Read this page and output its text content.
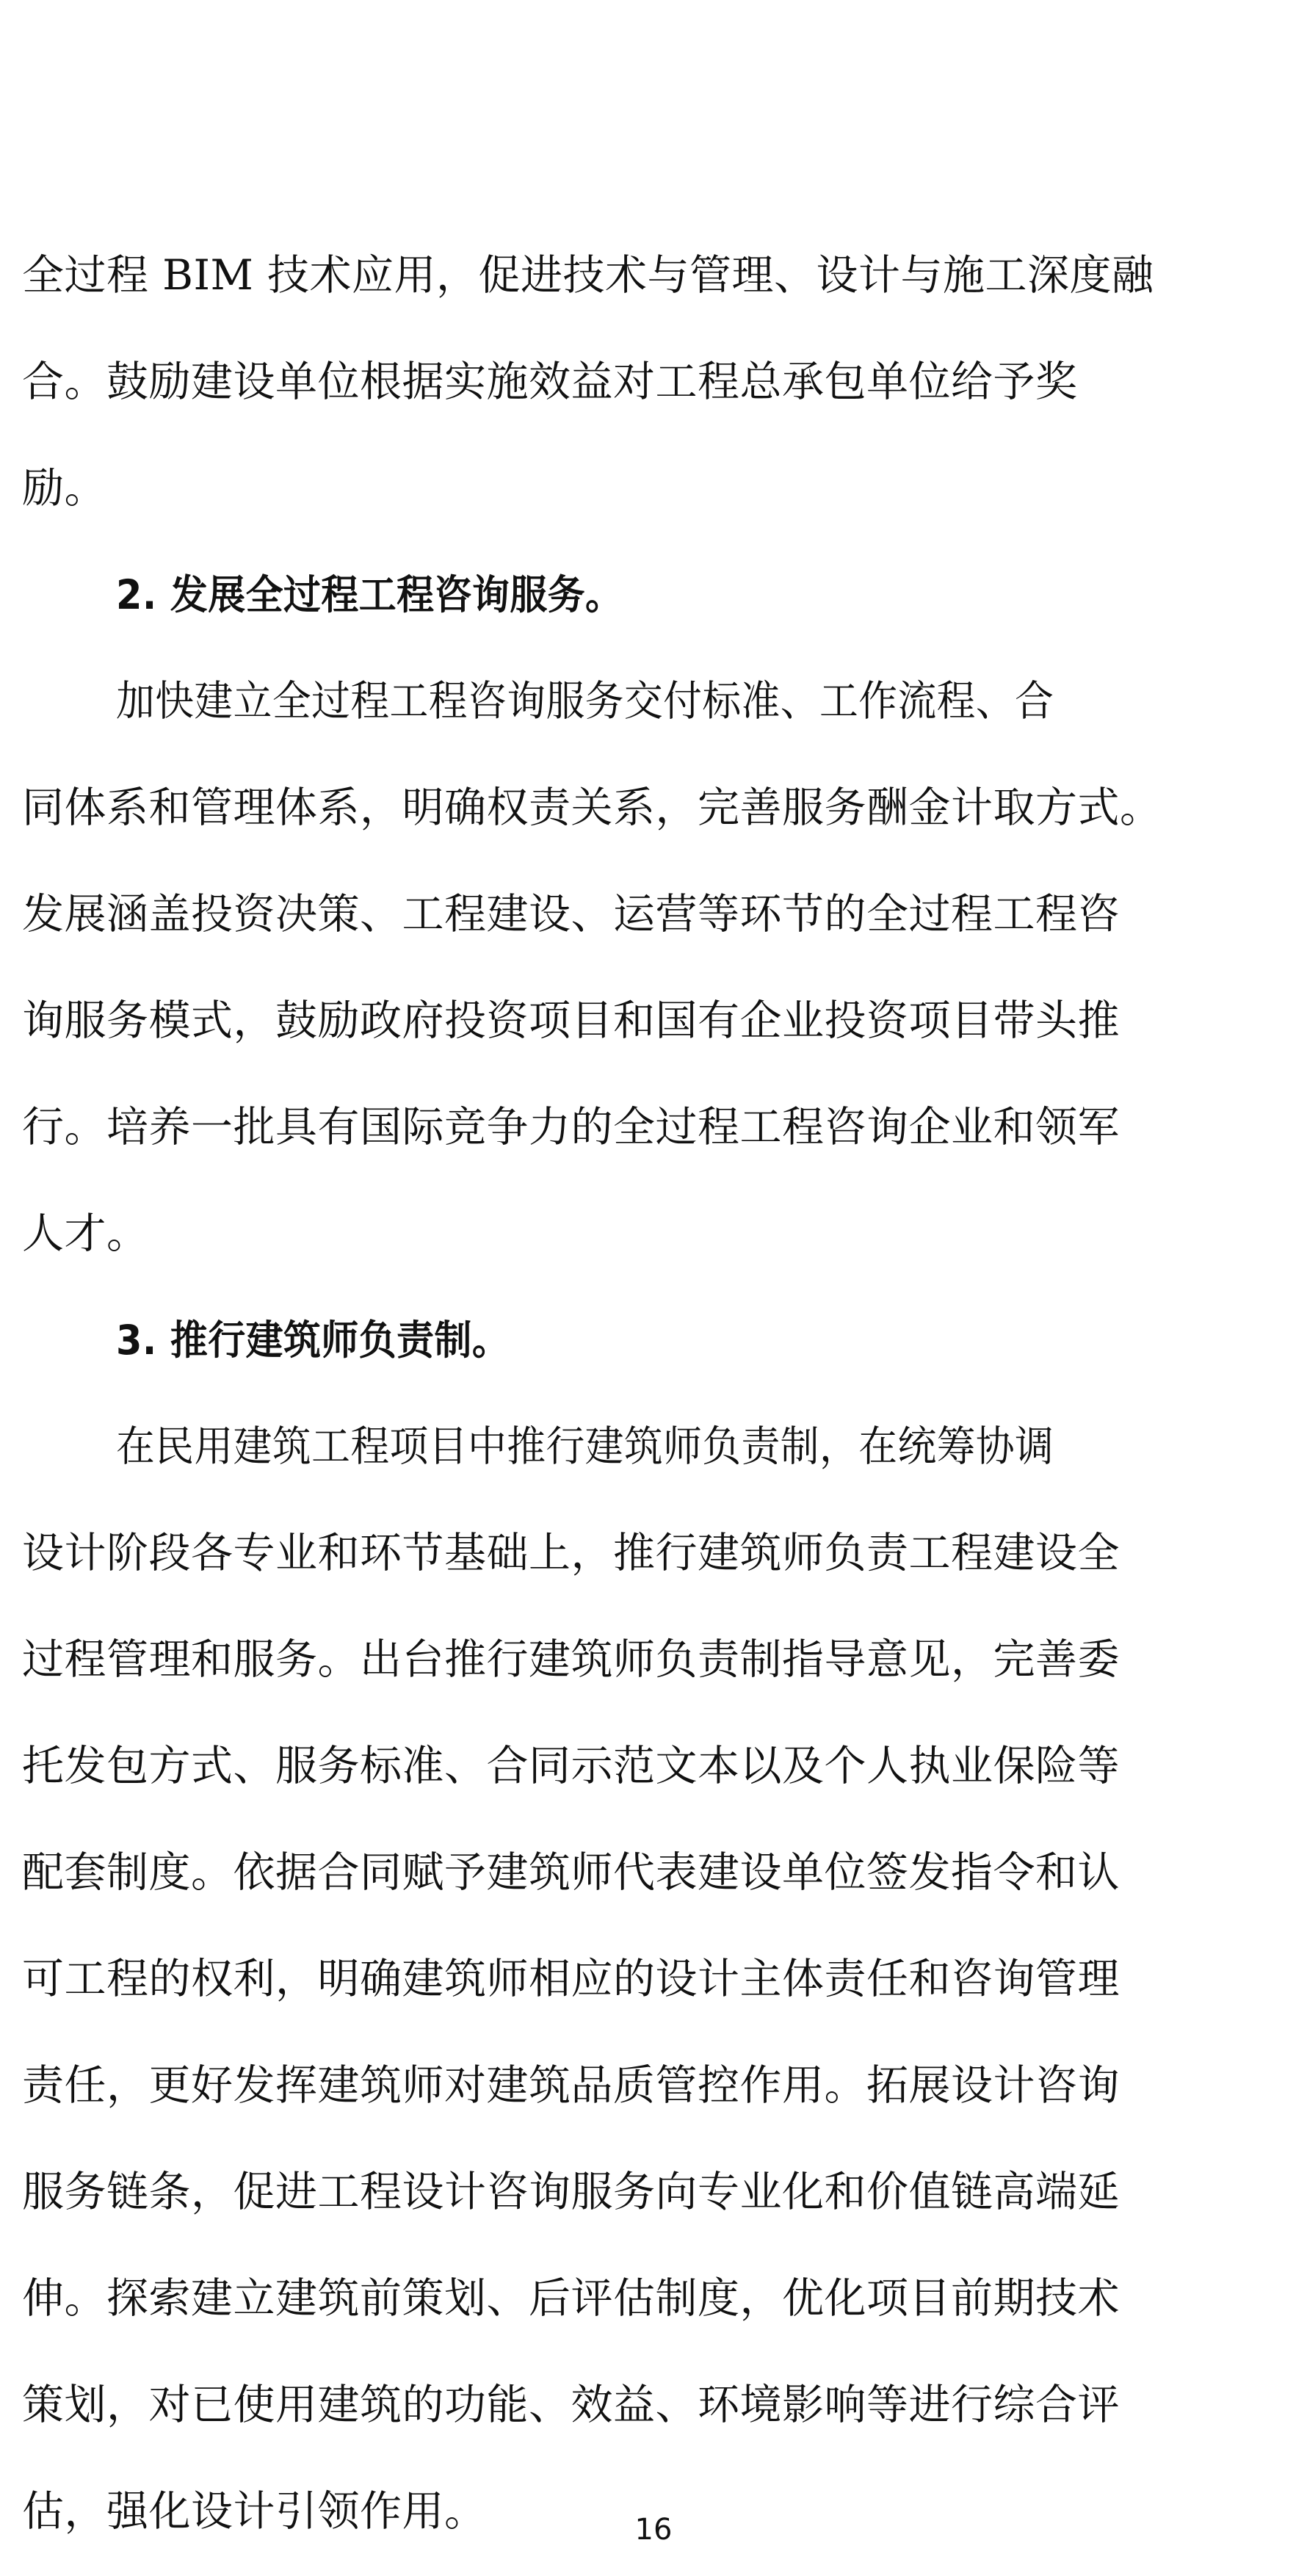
全过程 BIM 技术应用，促进技术与管理、设计与施工深度融
合。鼓励建设单位根据实施效益对工程总承包单位给予奖
励。
2. 发展全过程工程咨询服务。
加快建立全过程工程咨询服务交付标准、工作流程、合
同体系和管理体系，明确权责关系，完善服务酬金计取方式。
发展涵盖投资决策、工程建设、运营等环节的全过程工程咨
询服务模式，鼓励政府投资项目和国有企业投资项目带头推
行。培养一批具有国际竞争力的全过程工程咨询企业和领军
人才。
3. 推行建筑师负责制。
在民用建筑工程项目中推行建筑师负责制，在统筹协调
设计阶段各专业和环节基础上，推行建筑师负责工程建设全
过程管理和服务。出台推行建筑师负责制指导意见，完善委
托发包方式、服务标准、合同示范文本以及个人执业保险等
配套制度。依据合同赋予建筑师代表建设单位签发指令和认
可工程的权利，明确建筑师相应的设计主体责任和咨询管理
责任，更好发挥建筑师对建筑品质管控作用。拓展设计咨询
服务链条，促进工程设计咨询服务向专业化和价值链高端延
伸。探索建立建筑前策划、后评估制度，优化项目前期技术
策划，对已使用建筑的功能、效益、环境影响等进行综合评
估，强化设计引领作用。	16
